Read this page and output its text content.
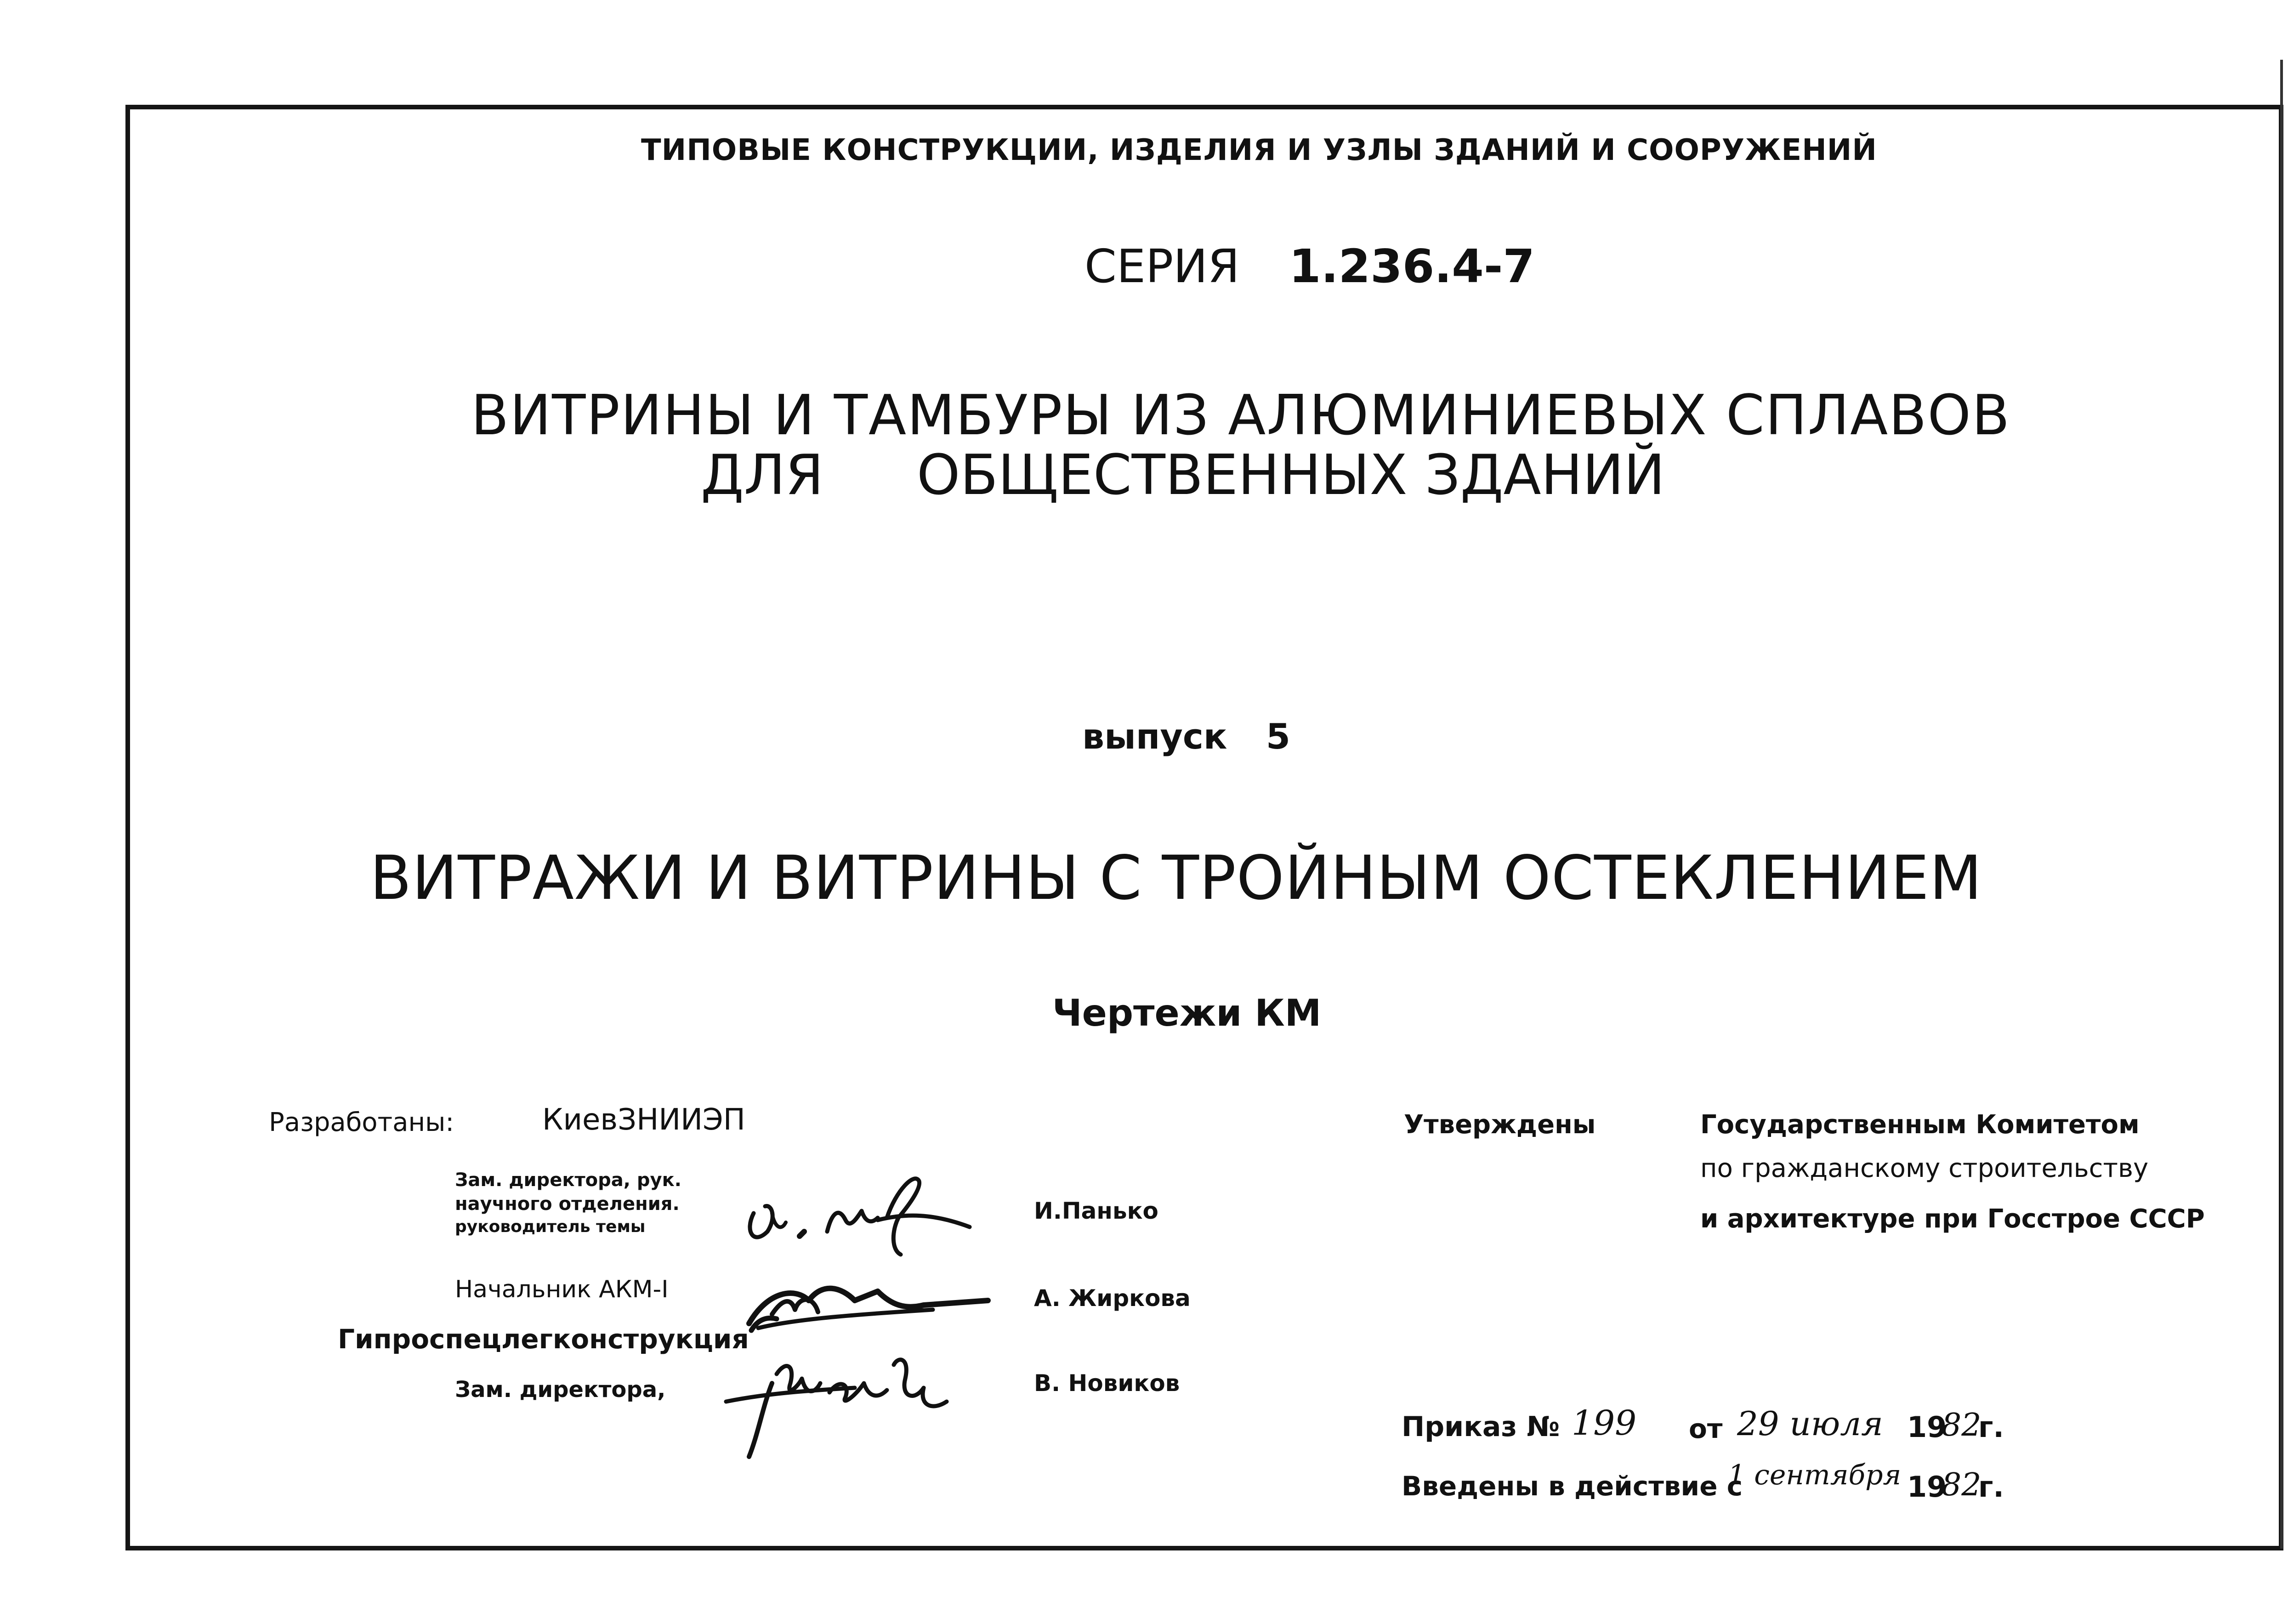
ТИПОВЫЕ КОНСТРУКЦИИ, ИЗДЕЛИЯ И УЗЛЫ ЗДАНИЙ И СООРУЖЕНИЙ
СЕРИЯ 1.236.4-7
ВИТРИНЫ И ТАМБУРЫ ИЗ АЛЮМИНИЕВЫХ СПЛАВОВ
ДЛЯ ОБЩЕСТВЕННЫХ ЗДАНИЙ
выпуск 5
ВИТРАЖИ И ВИТРИНЫ С ТРОЙНЫМ ОСТЕКЛЕНИЕМ
Чертежи КМ
Разработаны:	КиевЗНИИЭП
Зам. директора, рук.
научного отделения.
руководитель темы
И.Панько
Начальник АКМ-I	А. Жиркова
Гипроспецлегконструкция
Зам. директора,	В. Новиков
Утверждены	Государственным Комитетом
по гражданскому строительству
и архитектуре при Госстрое СССР
Приказ № 199 от 29 июля 19
82
г.
Введены в действие с
1 сентября 19
82
г.
